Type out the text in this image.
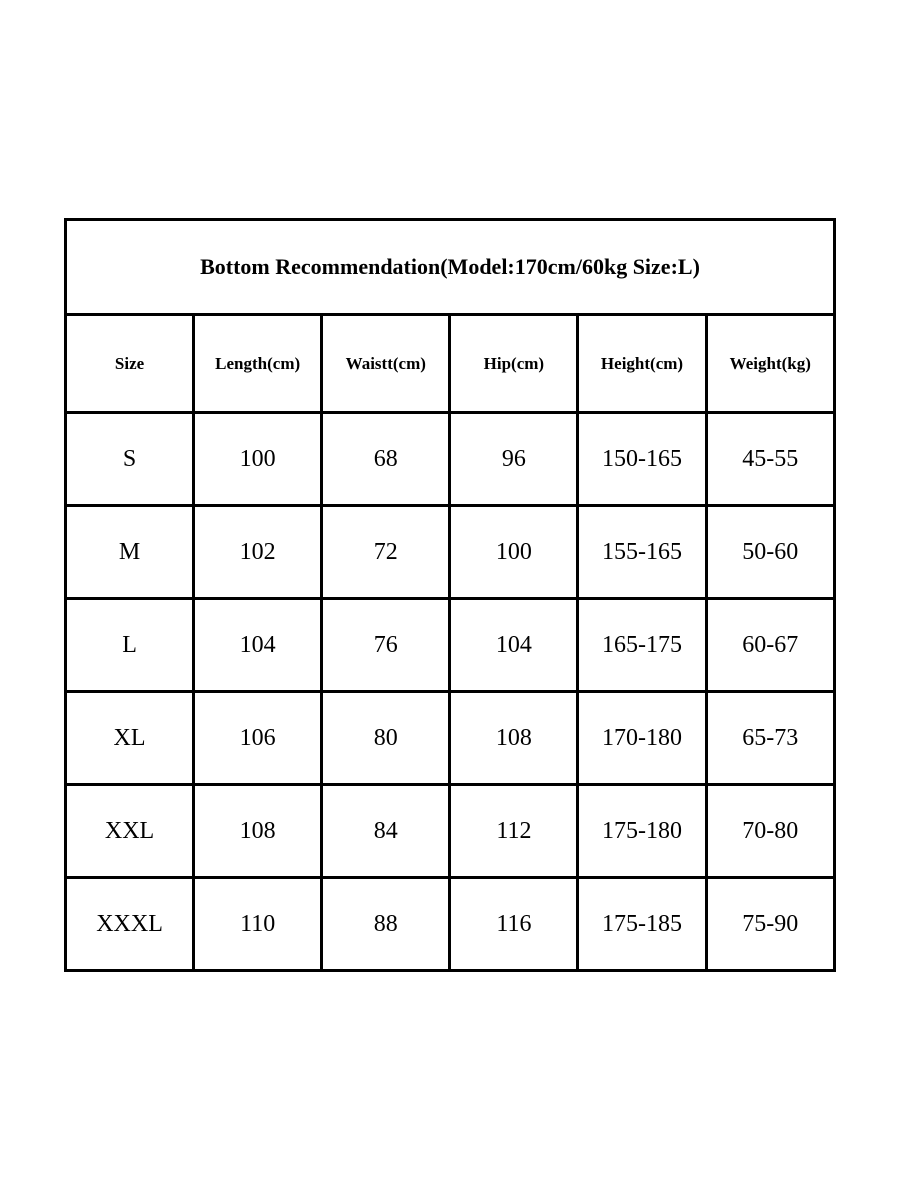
Bottom Recommendation(Model:170cm/60kg Size:L)					
Size	Length(cm)	Waistt(cm)	Hip(cm)	Height(cm)	Weight(kg)
S	100	68	96	150-165	45-55
M	102	72	100	155-165	50-60
L	104	76	104	165-175	60-67
XL	106	80	108	170-180	65-73
XXL	108	84	112	175-180	70-80
XXXL	110	88	116	175-185	75-90
